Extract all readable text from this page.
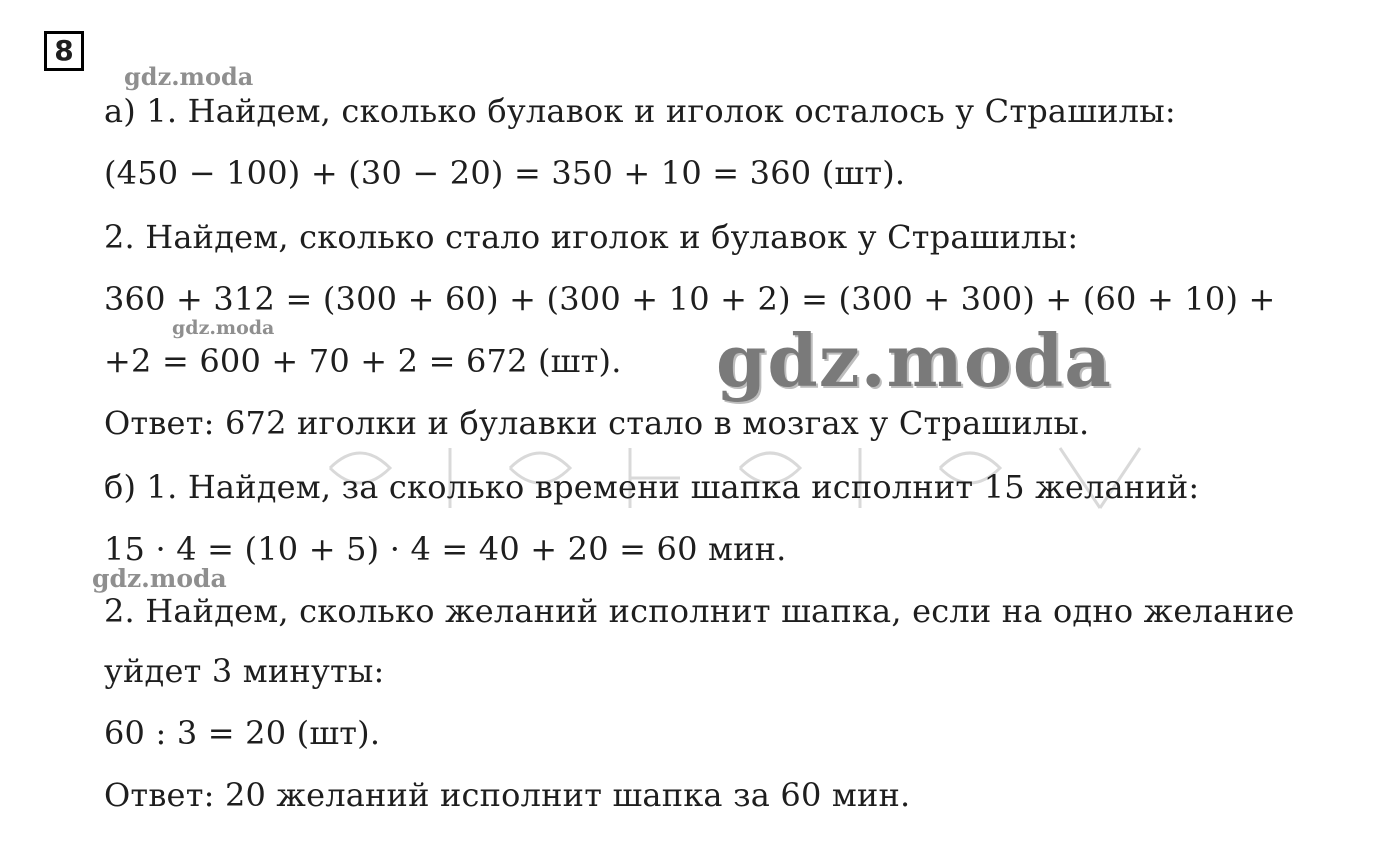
8
gdz.moda
gdz.moda
gdz.moda
gdz.moda
а) 1. Найдем, сколько булавок и иголок осталось у Страшилы:
(450 − 100) + (30 − 20) = 350 + 10 = 360 (шт).
2. Найдем, сколько стало иголок и булавок у Страшилы:
360 + 312 = (300 + 60) + (300 + 10 + 2) = (300 + 300) + (60 + 10) +
+2 = 600 + 70 + 2 = 672 (шт).
Ответ: 672 иголки и булавки стало в мозгах у Страшилы.
б) 1. Найдем, за сколько времени шапка исполнит 15 желаний:
15 · 4 = (10 + 5) · 4 = 40 + 20 = 60 мин.
2. Найдем, сколько желаний исполнит шапка, если на одно желание
уйдет 3 минуты:
60 : 3 = 20 (шт).
Ответ: 20 желаний исполнит шапка за 60 мин.
